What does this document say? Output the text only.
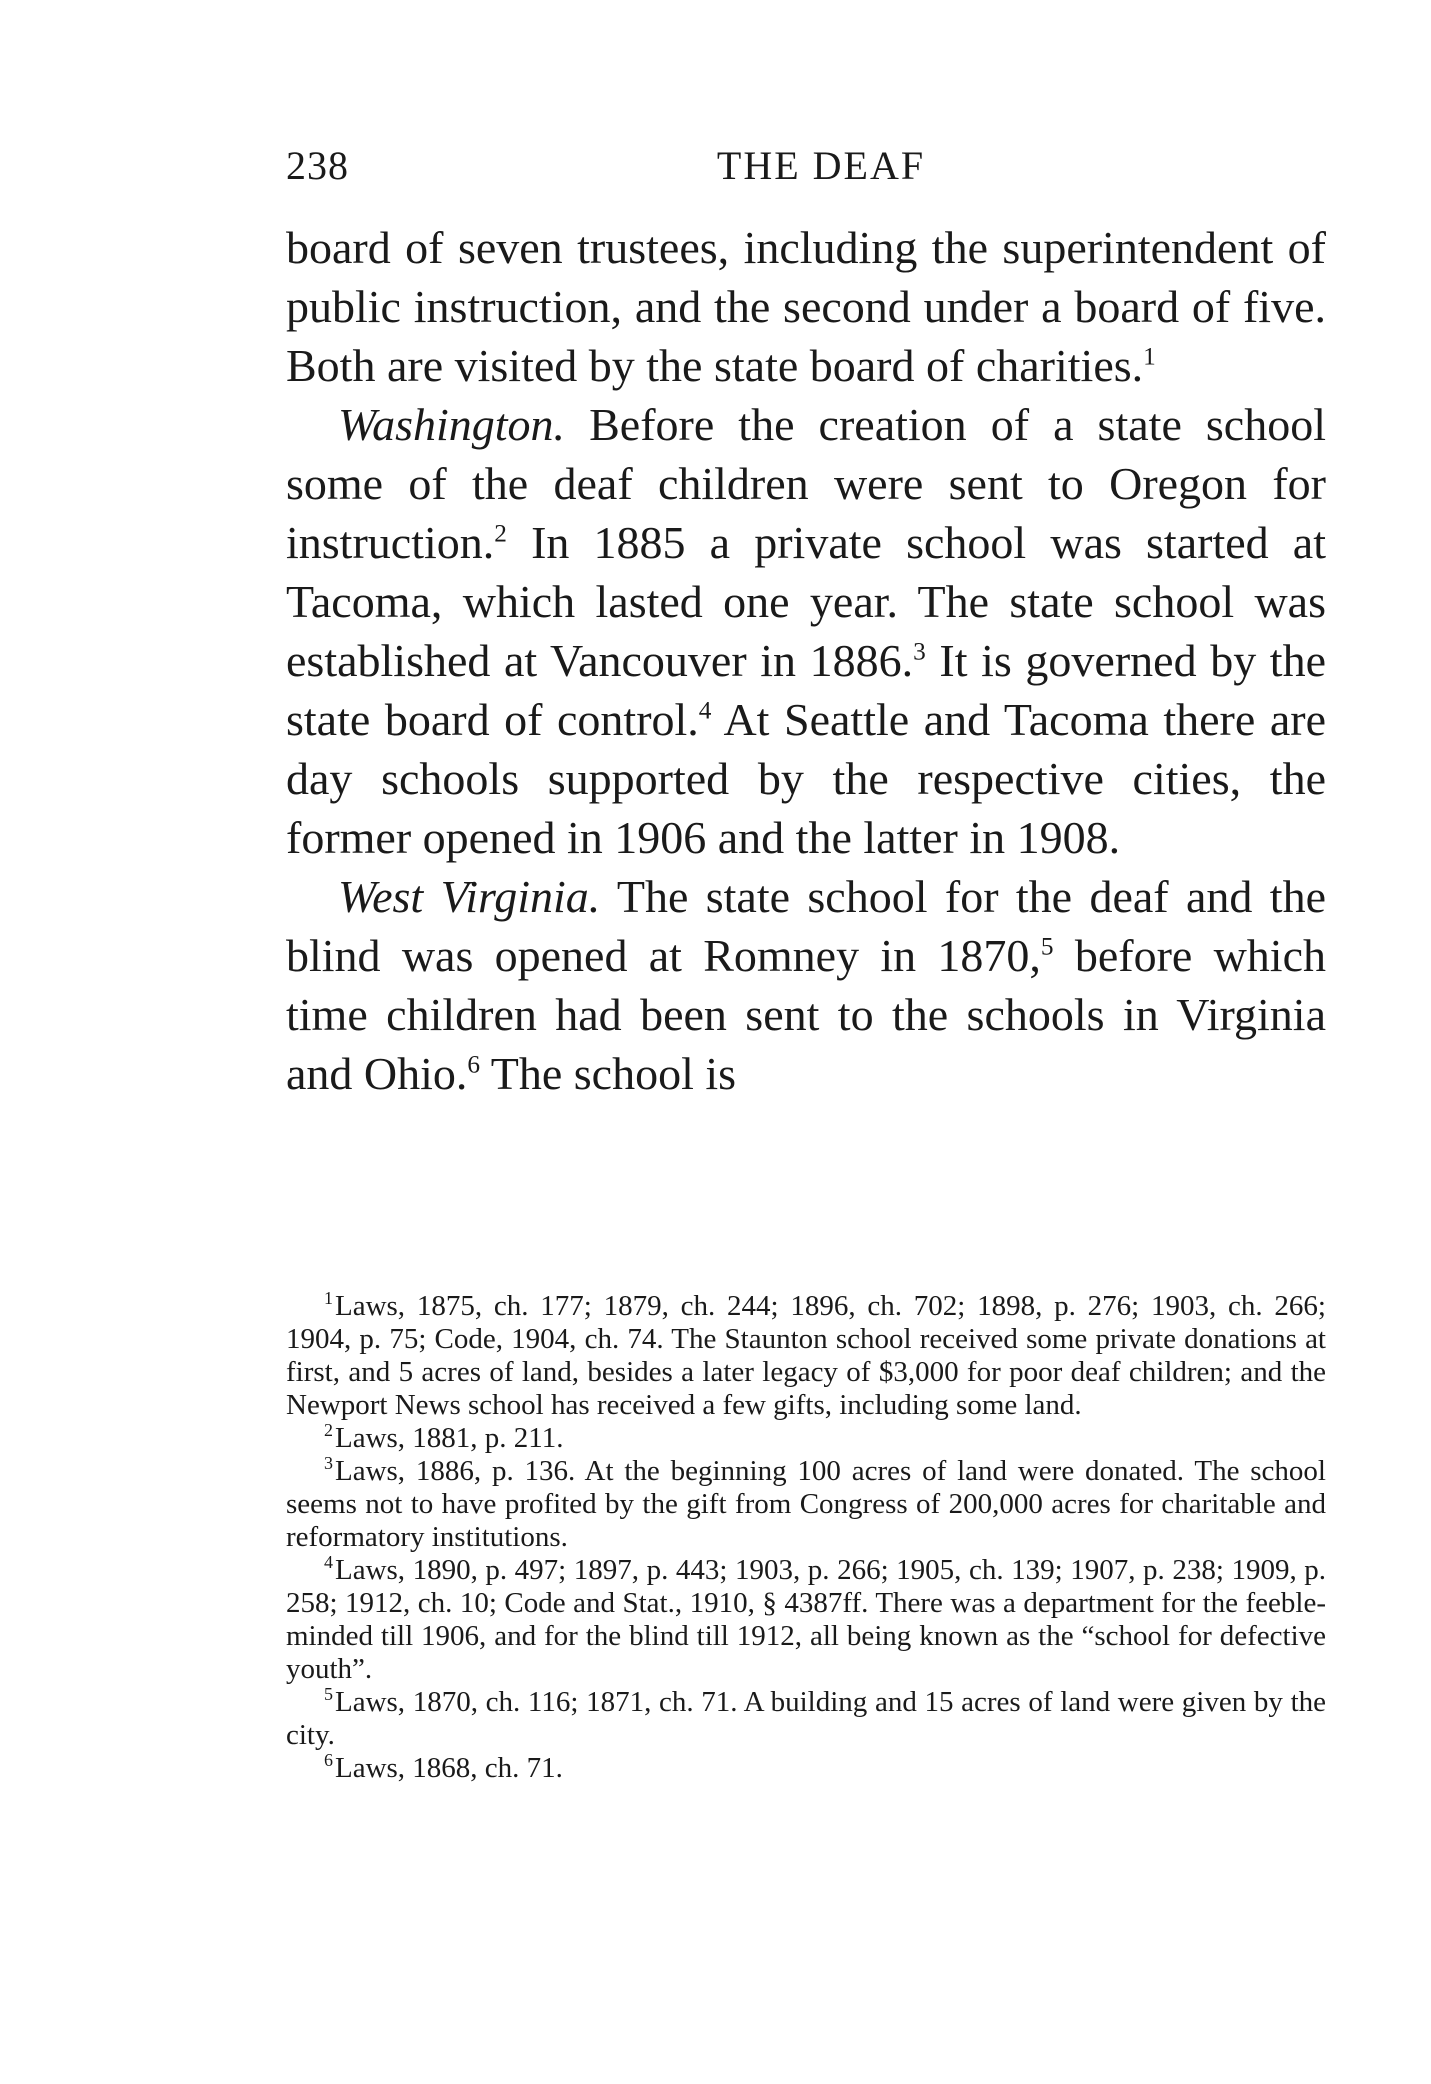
238	THE DEAF

board of seven trustees, including the superintendent of public instruction, and the second under a board of five. Both are visited by the state board of charities.$^1$

Washington. Before the creation of a state school some of the deaf children were sent to Oregon for instruction.$^2$ In 1885 a private school was started at Tacoma, which lasted one year. The state school was established at Vancouver in 1886.$^3$ It is governed by the state board of control.$^4$ At Seattle and Tacoma there are day schools supported by the respective cities, the former opened in 1906 and the latter in 1908.

West Virginia. The state school for the deaf and the blind was opened at Romney in 1870,$^5$ before which time children had been sent to the schools in Virginia and Ohio.$^6$ The school is

$^1$Laws, 1875, ch. 177; 1879, ch. 244; 1896, ch. 702; 1898, p. 276; 1903, ch. 266; 1904, p. 75; Code, 1904, ch. 74. The Staunton school received some private donations at first, and 5 acres of land, besides a later legacy of $3,000 for poor deaf children; and the Newport News school has received a few gifts, including some land.

$^2$Laws, 1881, p. 211.

$^3$Laws, 1886, p. 136. At the beginning 100 acres of land were donated. The school seems not to have profited by the gift from Congress of 200,000 acres for charitable and reformatory institutions.

$^4$Laws, 1890, p. 497; 1897, p. 443; 1903, p. 266; 1905, ch. 139; 1907, p. 238; 1909, p. 258; 1912, ch. 10; Code and Stat., 1910, § 4387ff. There was a department for the feeble-minded till 1906, and for the blind till 1912, all being known as the “school for defective youth”.

$^5$Laws, 1870, ch. 116; 1871, ch. 71. A building and 15 acres of land were given by the city.

$^6$Laws, 1868, ch. 71.
